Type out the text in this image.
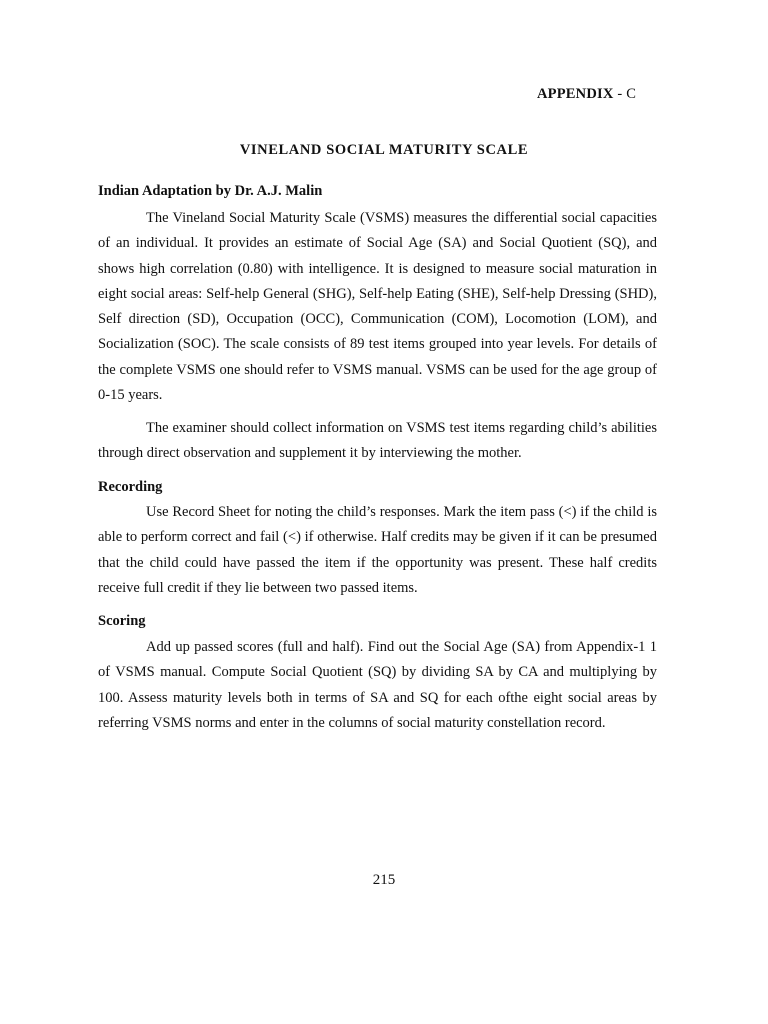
APPENDIX - C
VINELAND SOCIAL MATURITY SCALE
Indian Adaptation by Dr. A.J. Malin

The Vineland Social Maturity Scale (VSMS) measures the differential social capacities of an individual. It provides an estimate of Social Age (SA) and Social Quotient (SQ), and shows high correlation (0.80) with intelligence. It is designed to measure social maturation in eight social areas: Self-help General (SHG), Self-help Eating (SHE), Self-help Dressing (SHD), Self direction (SD), Occupation (OCC), Communication (COM), Locomotion (LOM), and Socialization (SOC). The scale consists of 89 test items grouped into year levels. For details of the complete VSMS one should refer to VSMS manual. VSMS can be used for the age group of 0-15 years.

The examiner should collect information on VSMS test items regarding child’s abilities through direct observation and supplement it by interviewing the mother.

Recording

Use Record Sheet for noting the child’s responses. Mark the item pass (<) if the child is able to perform correct and fail (<) if otherwise. Half credits may be given if it can be presumed that the child could have passed the item if the opportunity was present. These half credits receive full credit if they lie between two passed items.

Scoring

Add up passed scores (full and half). Find out the Social Age (SA) from Appendix-1 1 of VSMS manual. Compute Social Quotient (SQ) by dividing SA by CA and multiplying by 100. Assess maturity levels both in terms of SA and SQ for each ofthe eight social areas by referring VSMS norms and enter in the columns of social maturity constellation record.

215
